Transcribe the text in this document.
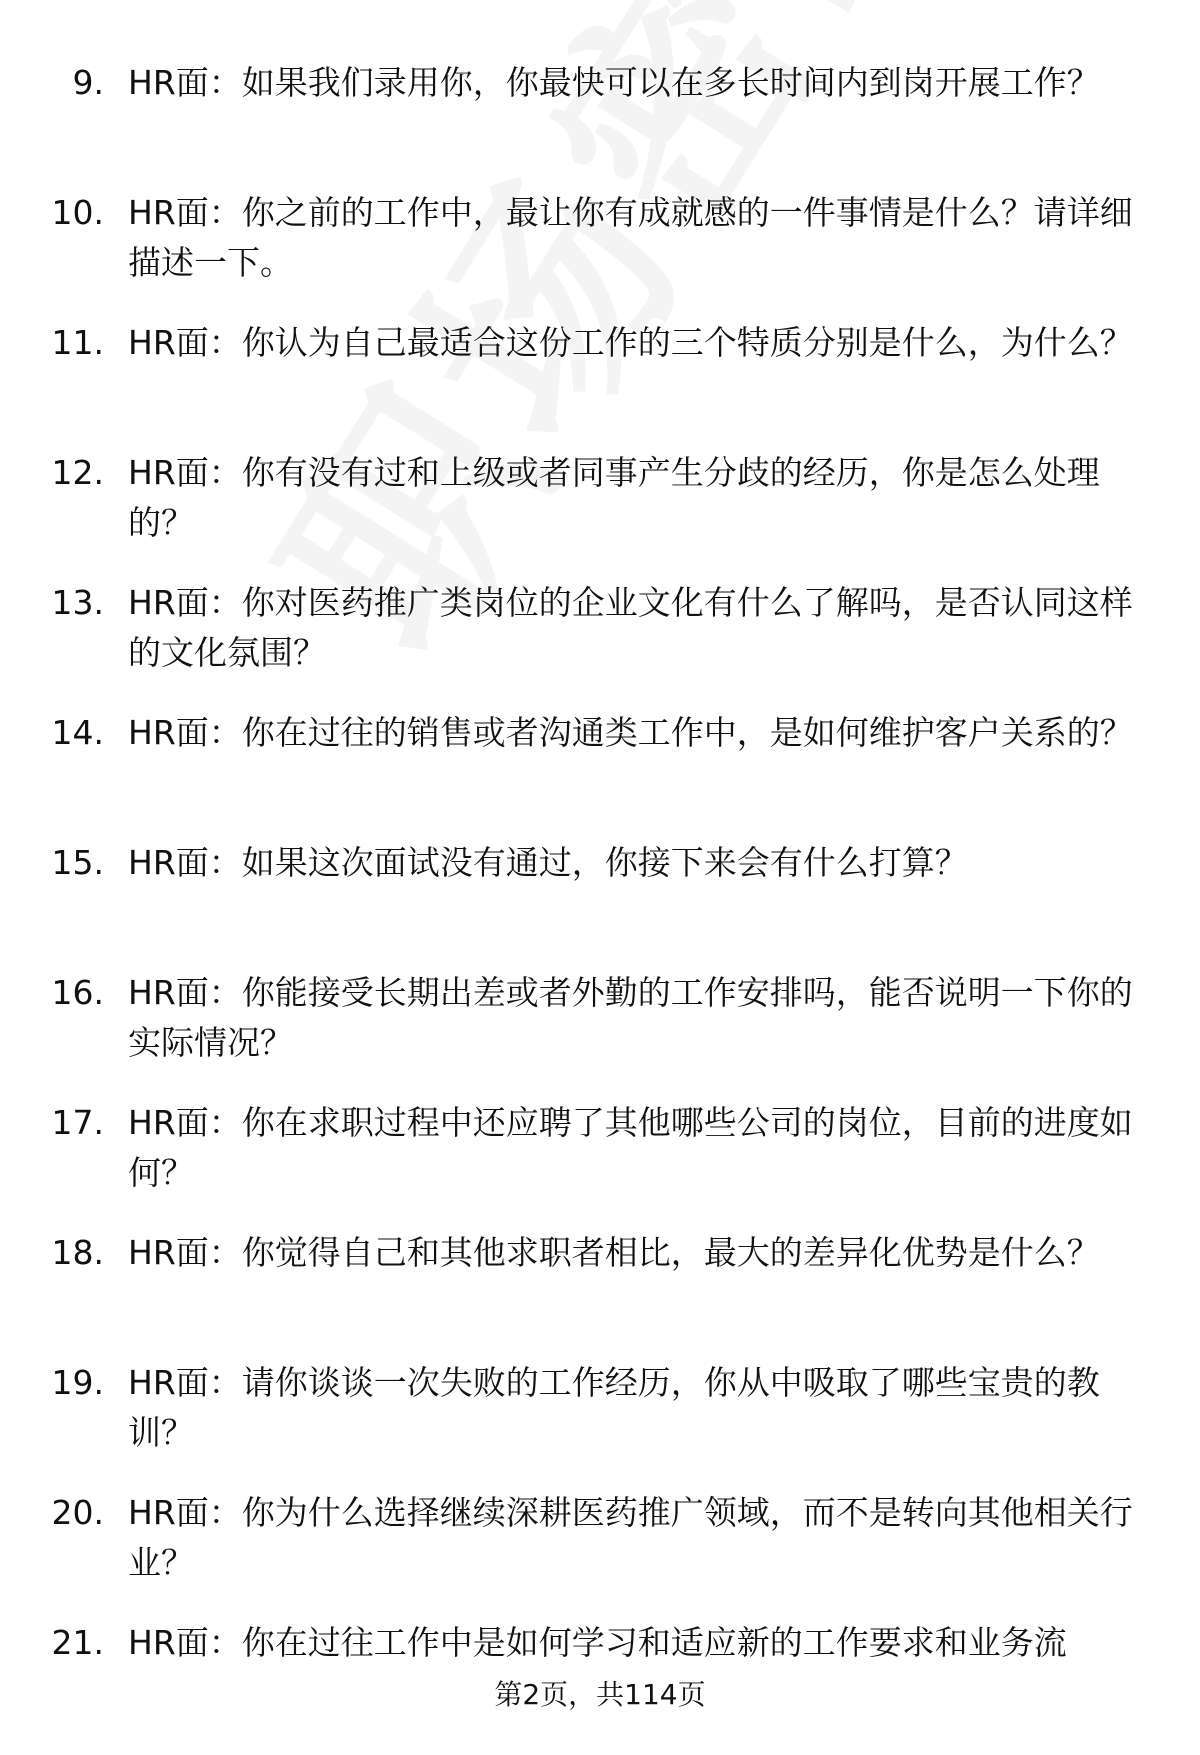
9. HR面：如果我们录用你，你最快可以在多长时间内到岗开展工作？
10. HR面：你之前的工作中，最让你有成就感的一件事情是什么？请详细描述一下。
11. HR面：你认为自己最适合这份工作的三个特质分别是什么，为什么？
12. HR面：你有没有过和上级或者同事产生分歧的经历，你是怎么处理的？
13. HR面：你对医药推广类岗位的企业文化有什么了解吗，是否认同这样的文化氛围？
14. HR面：你在过往的销售或者沟通类工作中，是如何维护客户关系的？
15. HR面：如果这次面试没有通过，你接下来会有什么打算？
16. HR面：你能接受长期出差或者外勤的工作安排吗，能否说明一下你的实际情况？
17. HR面：你在求职过程中还应聘了其他哪些公司的岗位，目前的进度如何？
18. HR面：你觉得自己和其他求职者相比，最大的差异化优势是什么？
19. HR面：请你谈谈一次失败的工作经历，你从中吸取了哪些宝贵的教训？
20. HR面：你为什么选择继续深耕医药推广领域，而不是转向其他相关行业？
21. HR面：你在过往工作中是如何学习和适应新的工作要求和业务流
第2页，共114页
